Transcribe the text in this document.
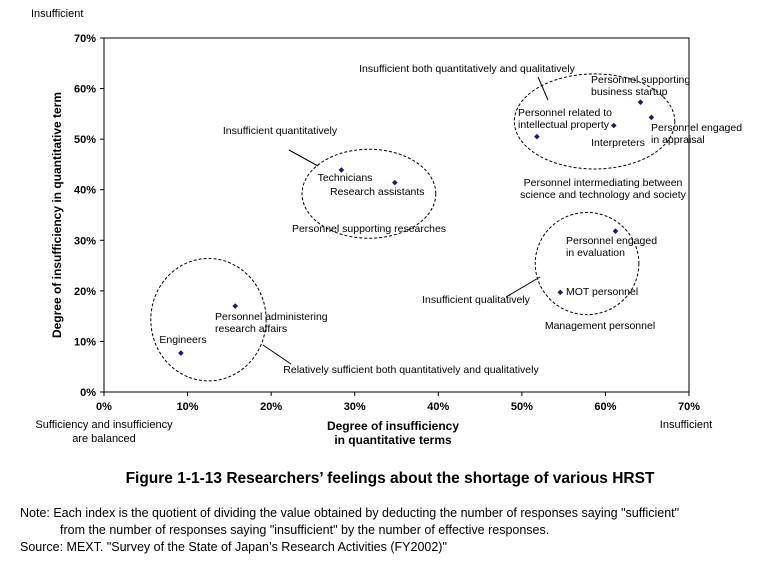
0%	10%	20%	30%	40%	50%	60%	70%
0%
10%
20%
30%
40%
50%
60%
70%
Degree of insufficiency in quantitative terms
Degree of insufficiency in quantitative term
Sufficiency and insufficiency are balanced
Insufficient
Insufficient
Personnel supporting researches
Personnel intermediating between science and technology and society
Management personnel
Engineers
Personnel administering research affairs
Technicians
Research assistants
Personnel related to intellectual property
Interpreters
Personnel supporting business startup
Personnel engaged in appraisal
Personnel engaged in evaluation
MOT personnel
Insufficient both quantitatively and qualitatively
Insufficient quantitatively
Insufficient qualitatively
Relatively sufficient both quantitatively and qualitatively
Figure 1-1-13 Researchers’ feelings about the shortage of various HRST
Note: Each index is the quotient of dividing the value obtained by deducting the number of responses saying "sufficient"
from the number of responses saying "insufficient" by the number of effective responses.
Source: MEXT. "Survey of the State of Japan’s Research Activities (FY2002)"
